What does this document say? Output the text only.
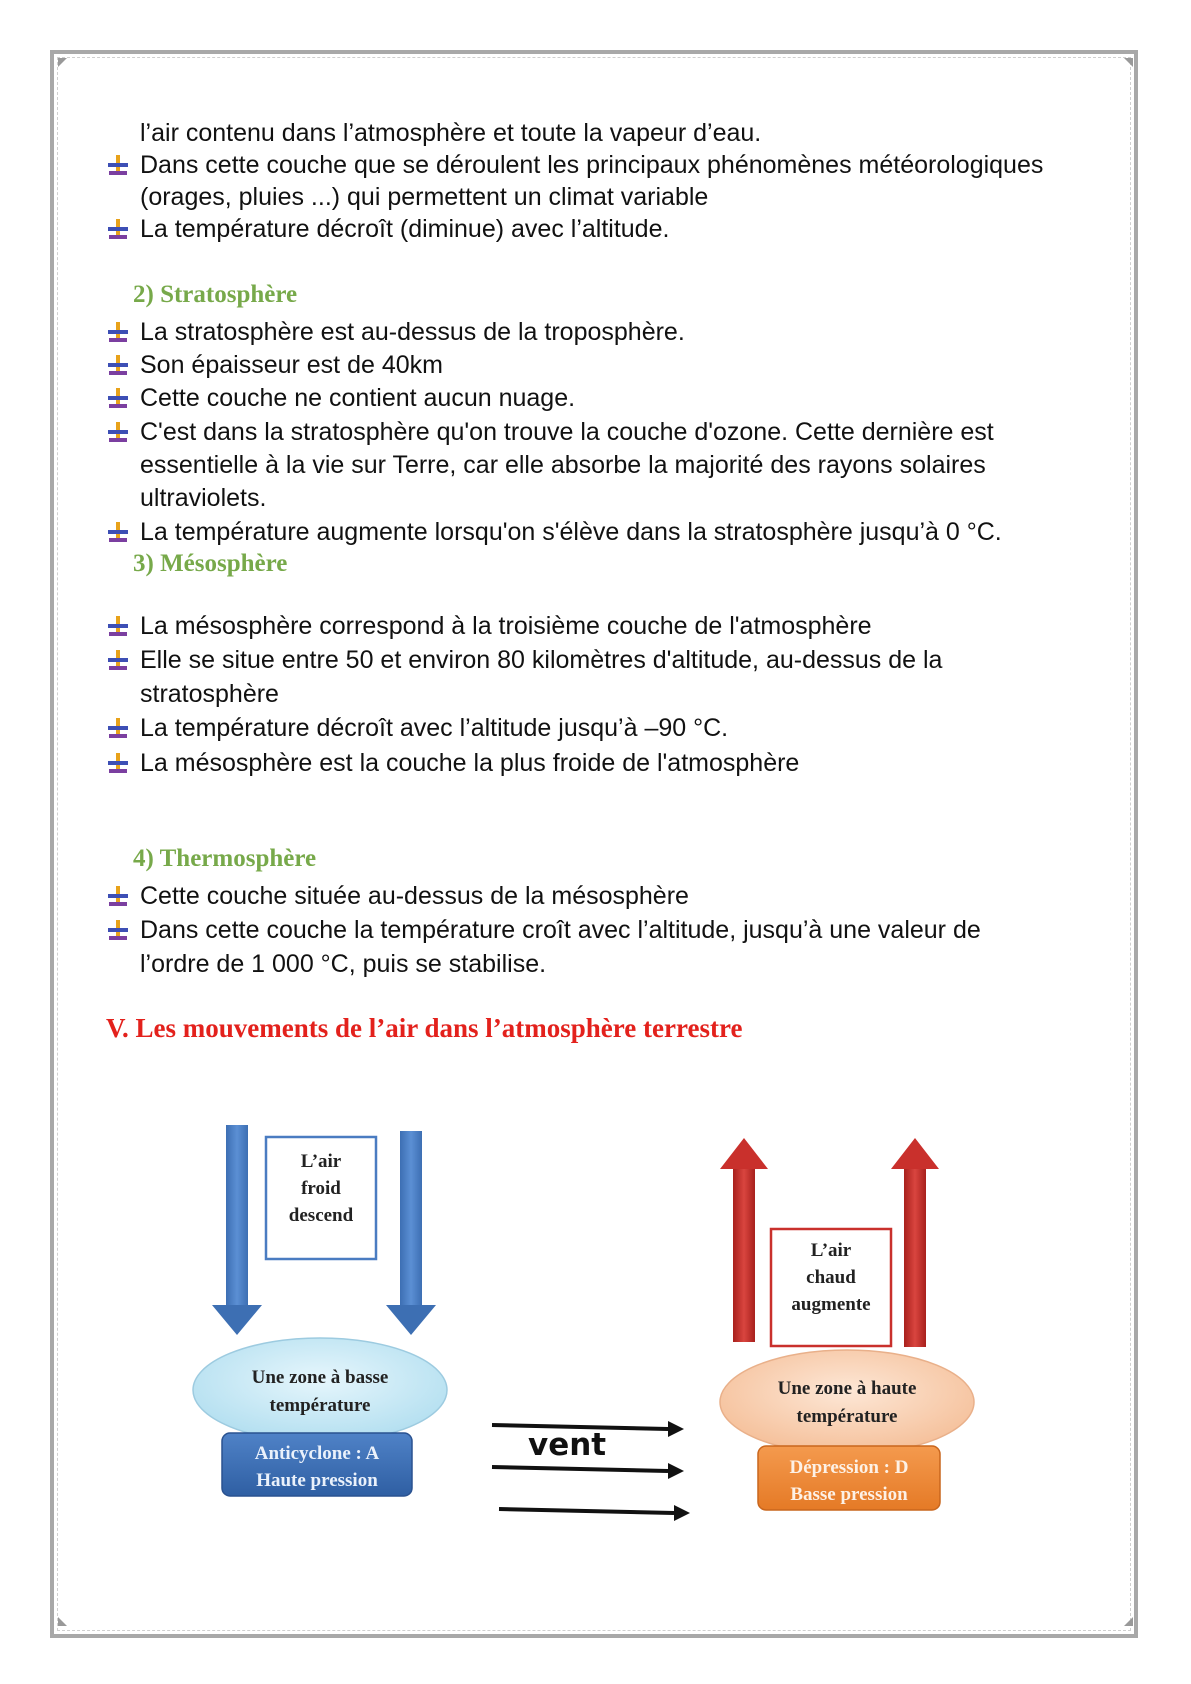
l’air contenu dans l’atmosphère et toute la vapeur d’eau.
Dans cette couche que se déroulent les principaux phénomènes météorologiques
(orages, pluies ...) qui permettent un climat variable
La température décroît (diminue) avec l’altitude.
2) Stratosphère
La stratosphère est au-dessus de la troposphère.
Son épaisseur est de 40km
Cette couche ne contient aucun nuage.
C'est dans la stratosphère qu'on trouve la couche d'ozone. Cette dernière est
essentielle à la vie sur Terre, car elle absorbe la majorité des rayons solaires
ultraviolets.
La température augmente lorsqu'on s'élève dans la stratosphère jusqu’à 0 °C.
3) Mésosphère
La mésosphère correspond à la troisième couche de l'atmosphère
Elle se situe entre 50 et environ 80 kilomètres d'altitude, au-dessus de la
stratosphère
La température décroît avec l’altitude jusqu’à –90 °C.
La mésosphère est la couche la plus froide de l'atmosphère
4) Thermosphère
Cette couche située au-dessus de la mésosphère
Dans cette couche la température croît avec l’altitude, jusqu’à une valeur de
l’ordre de 1 000 °C, puis se stabilise.
V. Les mouvements de l’air dans l’atmosphère terrestre
L’air
froid
descend
Une zone à basse
température
Anticyclone : A
Haute pression
vent
L’air
chaud
augmente
Une zone à haute
température
Dépression : D
Basse pression
